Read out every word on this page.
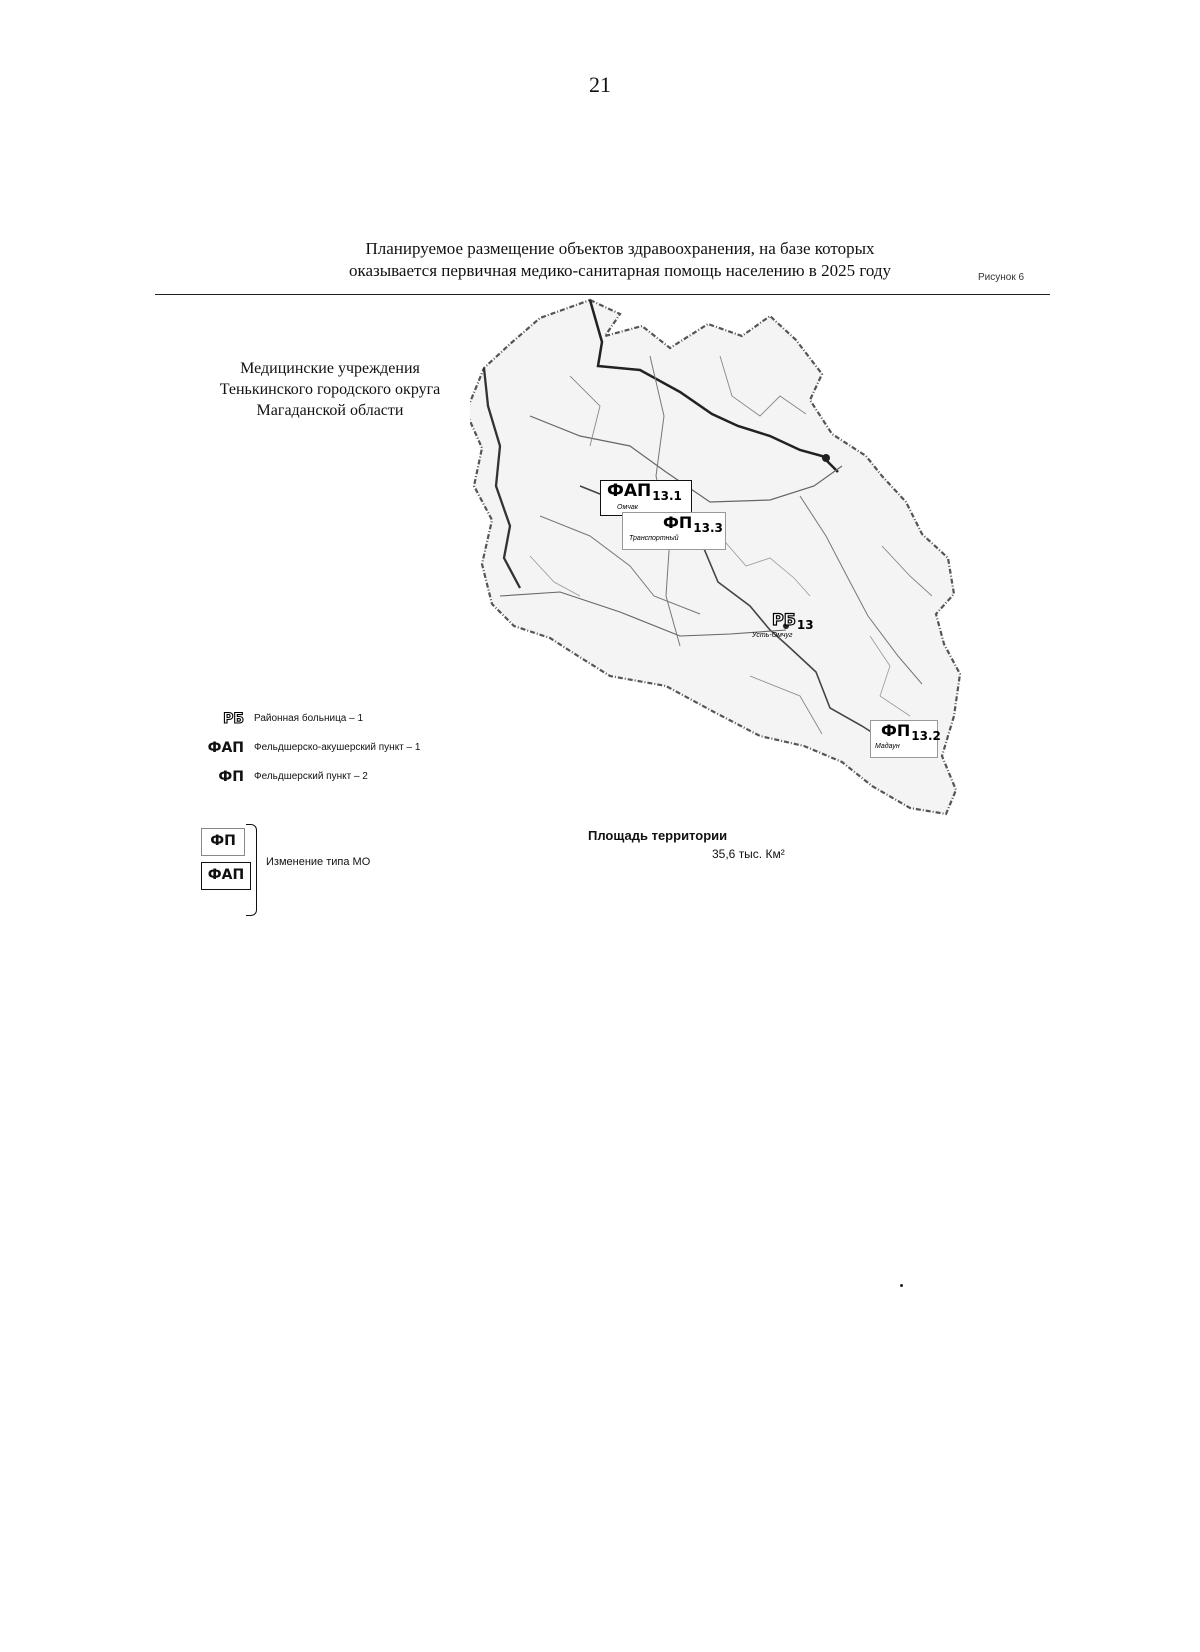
21
Планируемое размещение объектов здравоохранения, на базе которых
оказывается первичная медико-санитарная помощь населению в 2025 году	Рисунок 6
Медицинские учреждения
Тенькинского городского округа
Магаданской области
$ФАП_{13.1}$
Омчак
$ФП_{13.3}$
Транспортный
$РБ_{13}$
Усть-Омчуг
$ФП_{13.2}$
Мадаун
РБ Районная больница – 1
ФАП Фельдшерско-акушерский пункт – 1
ФП Фельдшерский пункт – 2
ФП
ФАП
Изменение типа МО
Площадь территории
35,6 тыс. Км²
